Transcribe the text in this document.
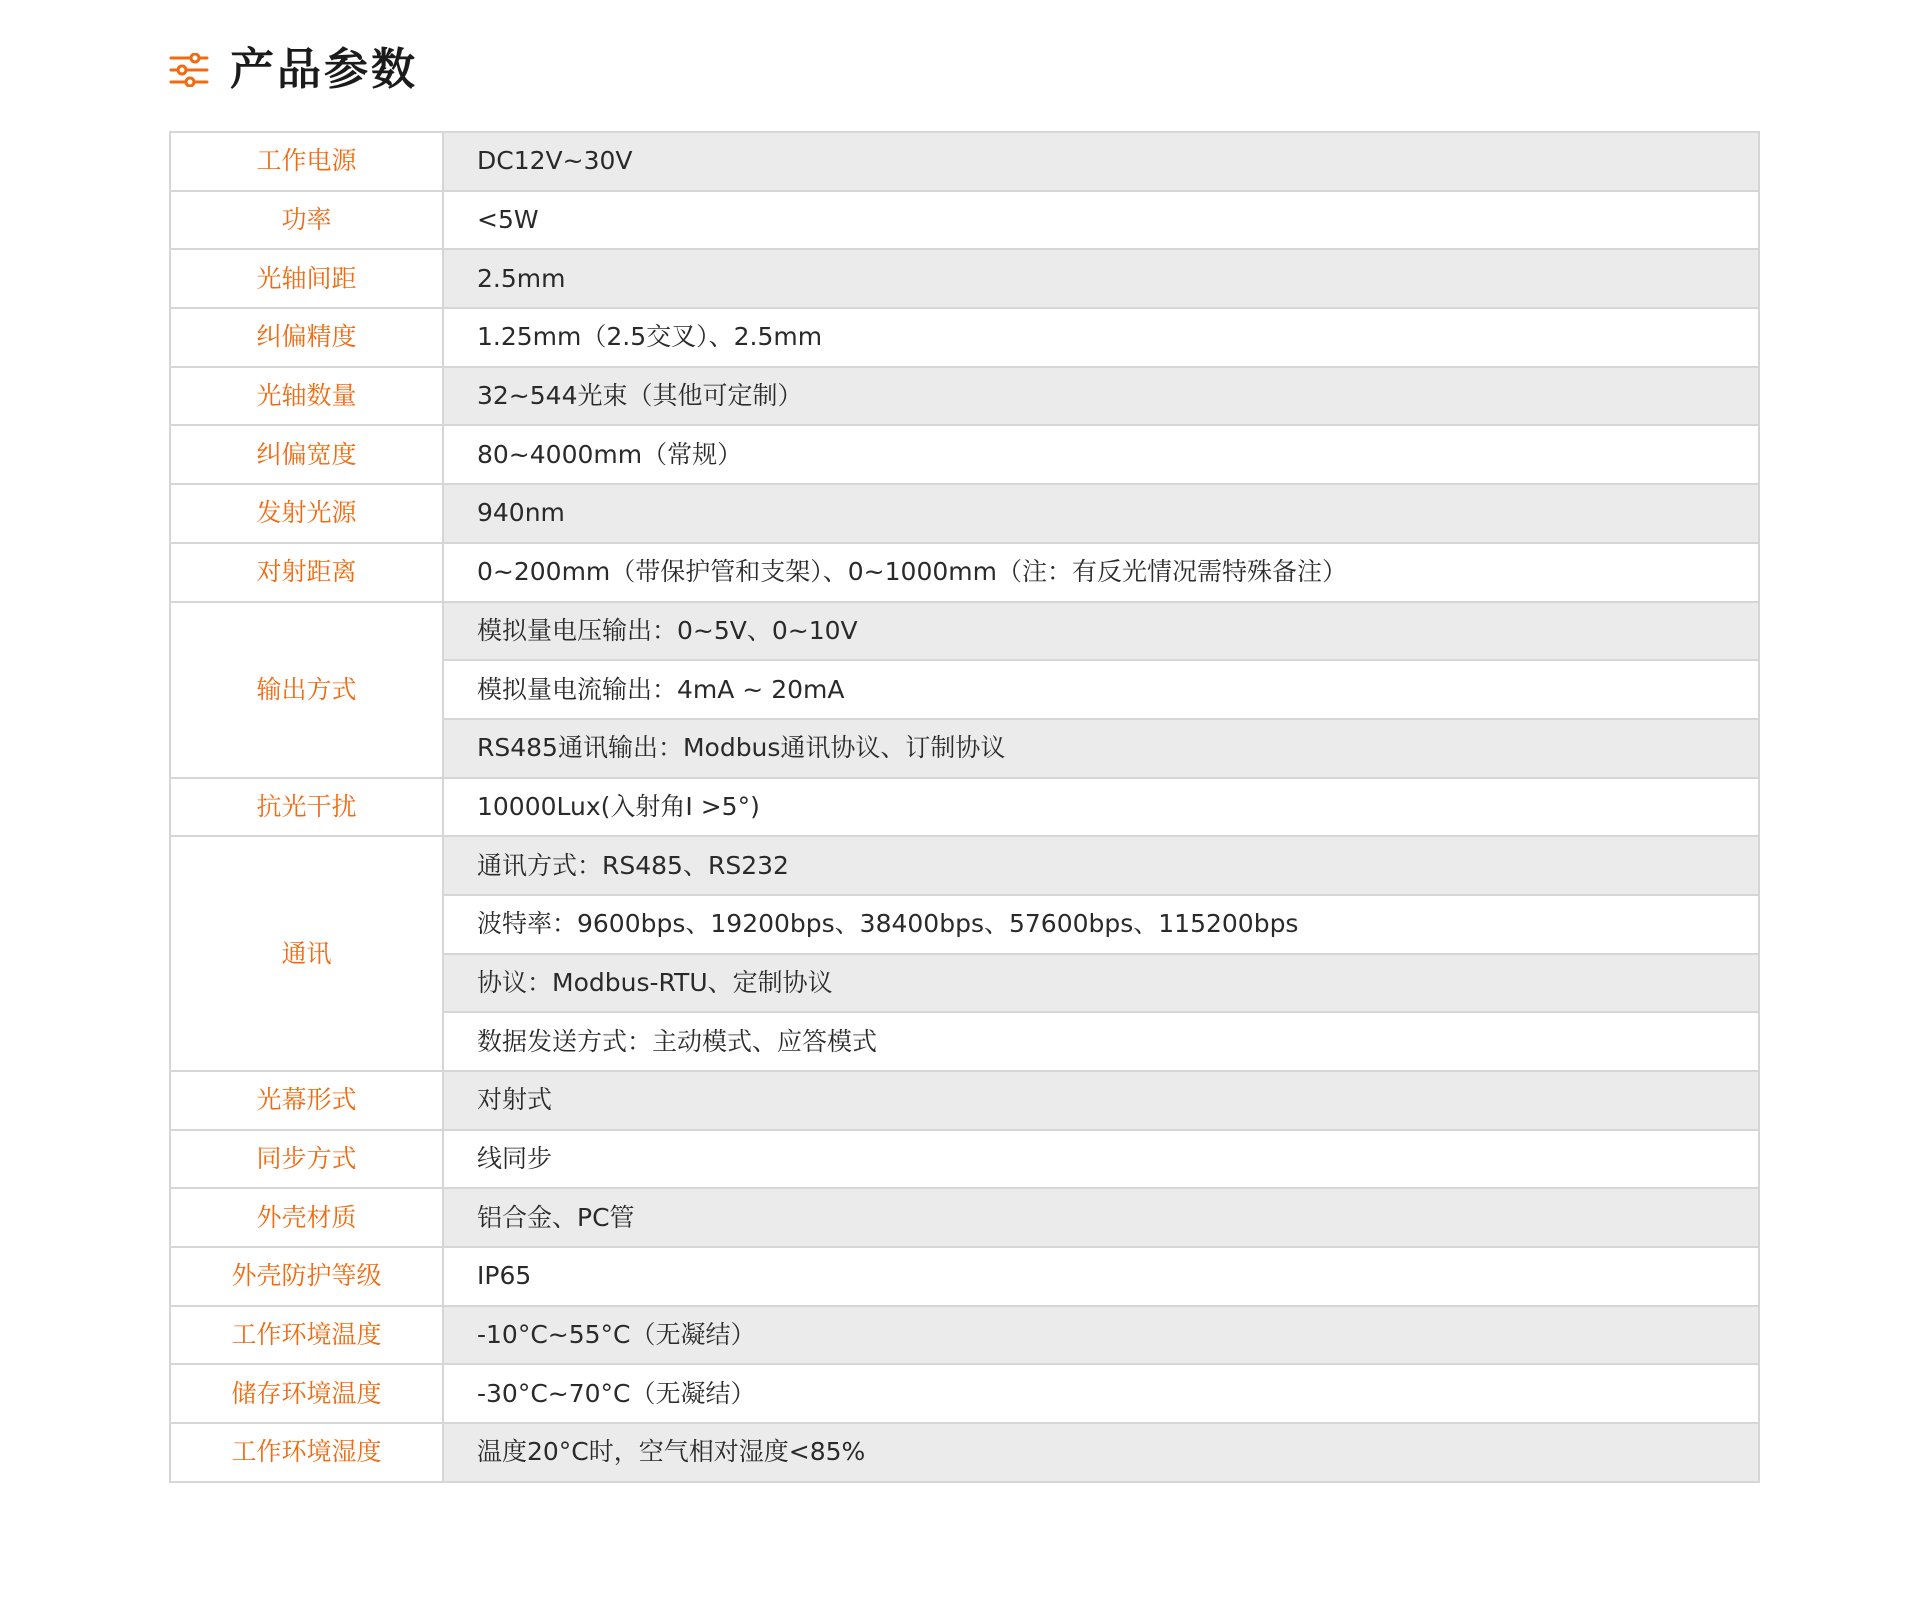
产品参数
工作电源	DC12V~30V
功率	<5W
光轴间距	2.5mm
纠偏精度	1.25mm（2.5交叉）、2.5mm
光轴数量	32~544光束（其他可定制）
纠偏宽度	80~4000mm（常规）
发射光源	940nm
对射距离	0~200mm（带保护管和支架）、0~1000mm（注：有反光情况需特殊备注）
输出方式	模拟量电压输出：0~5V、0~10V
	模拟量电流输出：4mA ~ 20mA
	RS485通讯输出：Modbus通讯协议、订制协议
抗光干扰	10000Lux(入射角I >5°)
通讯	通讯方式：RS485、RS232
	波特率：9600bps、19200bps、38400bps、57600bps、115200bps
	协议：Modbus-RTU、定制协议
	数据发送方式：主动模式、应答模式
光幕形式	对射式
同步方式	线同步
外壳材质	铝合金、PC管
外壳防护等级	IP65
工作环境温度	-10°C~55°C（无凝结）
储存环境温度	-30°C~70°C（无凝结）
工作环境湿度	温度20°C时，空气相对湿度<85%
